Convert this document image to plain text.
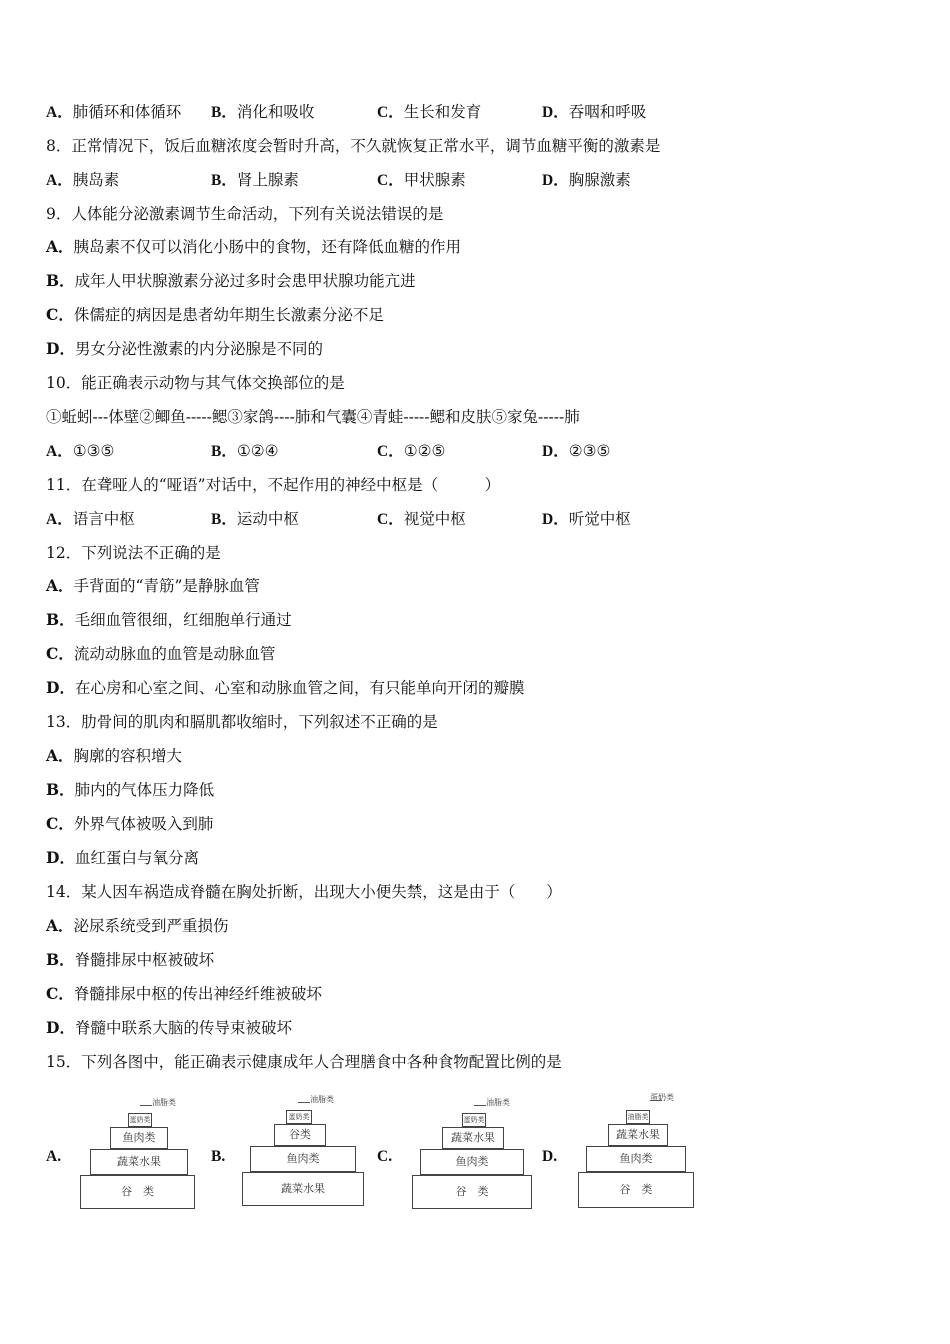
A．肺循环和体循环 B．消化和吸收	C．生长和发育	D．吞咽和呼吸
8．正常情况下，饭后血糖浓度会暂时升高，不久就恢复正常水平，调节血糖平衡的激素是
A．胰岛素	B．肾上腺素	C．甲状腺素	D．胸腺激素
9．人体能分泌激素调节生命活动，下列有关说法错误的是
A．胰岛素不仅可以消化小肠中的食物，还有降低血糖的作用
B．成年人甲状腺激素分泌过多时会患甲状腺功能亢进
C．侏儒症的病因是患者幼年期生长激素分泌不足
D．男女分泌性激素的内分泌腺是不同的
10．能正确表示动物与其气体交换部位的是
①蚯蚓---体壁②鲫鱼-----鳃③家鸽----肺和气囊④青蛙-----鳃和皮肤⑤家兔-----肺
A．①③⑤	B．①②④	C．①②⑤	D．②③⑤
11．在聋哑人的“哑语”对话中，不起作用的神经中枢是（　　　）
A．语言中枢	B．运动中枢	C．视觉中枢	D．听觉中枢
12．下列说法不正确的是
A．手背面的“青筋”是静脉血管
B．毛细血管很细，红细胞单行通过
C．流动动脉血的血管是动脉血管
D．在心房和心室之间、心室和动脉血管之间，有只能单向开闭的瓣膜
13．肋骨间的肌肉和膈肌都收缩时，下列叙述不正确的是
A．胸廓的容积增大
B．肺内的气体压力降低
C．外界气体被吸入到肺
D．血红蛋白与氧分离
14．某人因车祸造成脊髓在胸处折断，出现大小便失禁，这是由于（　　）
A．泌尿系统受到严重损伤
B．脊髓排尿中枢被破坏
C．脊髓排尿中枢的传出神经纤维被破坏
D．脊髓中联系大脑的传导束被破坏
15．下列各图中，能正确表示健康成年人合理膳食中各种食物配置比例的是
A.	B.	C.	D.
油脂类
蛋奶类
鱼肉类
蔬菜水果
谷　类
油脂类
蛋奶类
谷类
鱼肉类
蔬菜水果
油脂类
蛋奶类
蔬菜水果
鱼肉类
谷　类
蛋奶类
油脂类
蔬菜水果
鱼肉类
谷　类
